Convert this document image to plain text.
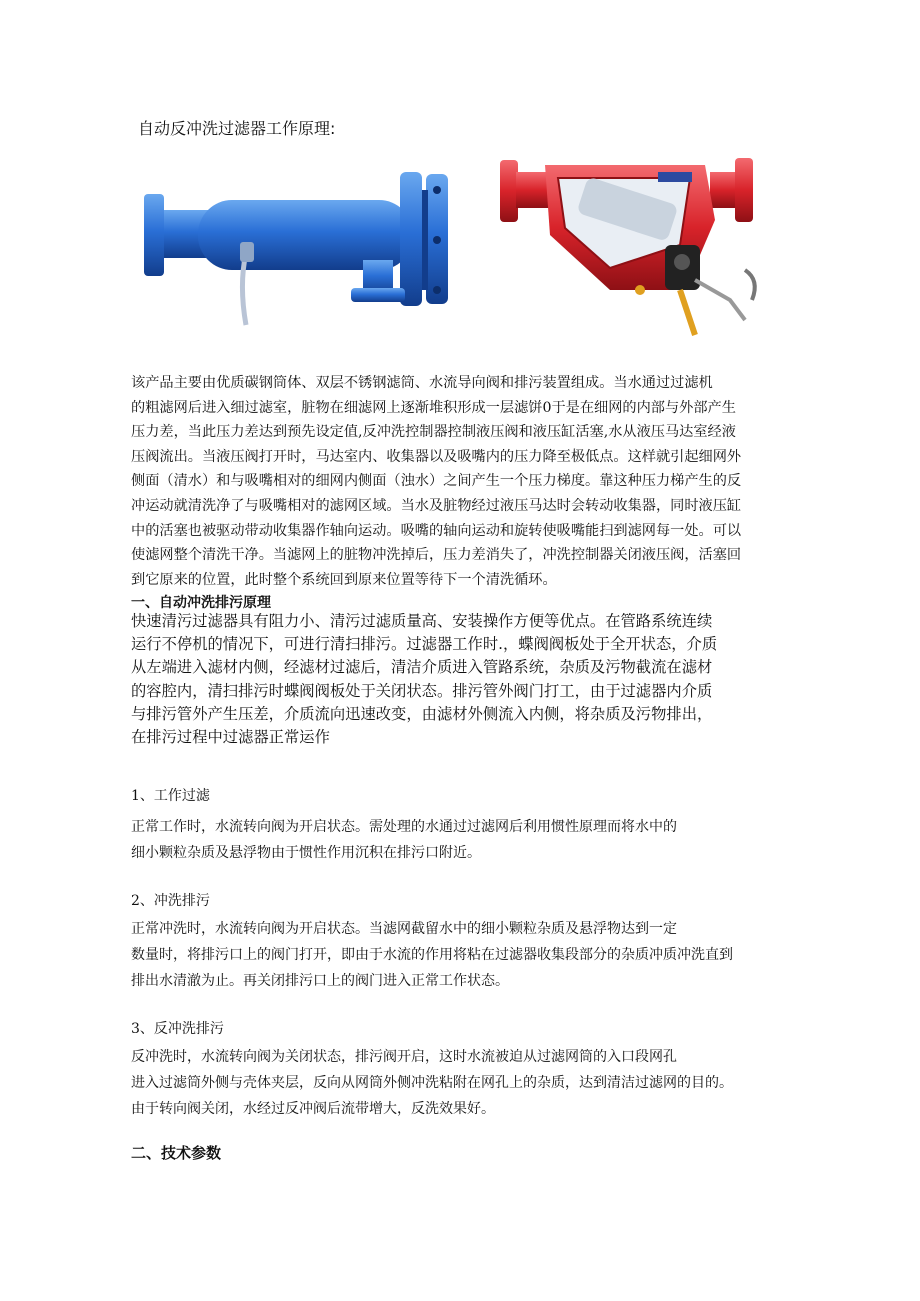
自动反冲洗过滤器工作原理:

该产品主要由优质碳钢筒体、双层不锈钢滤筒、水流导向阀和排污装置组成。当水通过过滤机

的粗滤网后进入细过滤室，脏物在细滤网上逐渐堆积形成一层滤饼0于是在细网的内部与外部产生

压力差，当此压力差达到预先设定值,反冲洗控制器控制液压阀和液压缸活塞,水从液压马达室经液

压阀流出。当液压阀打开时，马达室内、收集器以及吸嘴内的压力降至极低点。这样就引起细网外

侧面（清水）和与吸嘴相对的细网内侧面（浊水）之间产生一个压力梯度。靠这种压力梯产生的反

冲运动就清洗净了与吸嘴相对的滤网区域。当水及脏物经过液压马达时会转动收集器，同时液压缸

中的活塞也被驱动带动收集器作轴向运动。吸嘴的轴向运动和旋转使吸嘴能扫到滤网每一处。可以

使滤网整个清洗干净。当滤网上的脏物冲洗掉后，压力差消失了，冲洗控制器关闭液压阀，活塞回

到它原来的位置，此时整个系统回到原来位置等待下一个清洗循环。

一、自动冲洗排污原理

快速清污过滤器具有阻力小、清污过滤质量高、安装操作方便等优点。在管路系统连续

运行不停机的情况下，可进行清扫排污。过滤器工作时.，蝶阀阀板处于全开状态，介质

从左端进入滤材内侧，经滤材过滤后，清洁介质进入管路系统，杂质及污物截流在滤材

的容腔内，清扫排污时蝶阀阀板处于关闭状态。排污管外阀门打工，由于过滤器内介质

与排污管外产生压差，介质流向迅速改变，由滤材外侧流入内侧，将杂质及污物排出，

在排污过程中过滤器正常运作

1、工作过滤

正常工作时，水流转向阀为开启状态。需处理的水通过过滤网后利用惯性原理而将水中的

细小颗粒杂质及悬浮物由于惯性作用沉积在排污口附近。

2、冲洗排污

正常冲洗时，水流转向阀为开启状态。当滤网截留水中的细小颗粒杂质及悬浮物达到一定

数量时，将排污口上的阀门打开，即由于水流的作用将粘在过滤器收集段部分的杂质冲质冲洗直到

排出水清澈为止。再关闭排污口上的阀门进入正常工作状态。

3、反冲洗排污

反冲洗时，水流转向阀为关闭状态，排污阀开启，这时水流被迫从过滤网筒的入口段网孔

进入过滤筒外侧与壳体夹层，反向从网筒外侧冲洗粘附在网孔上的杂质，达到清洁过滤网的目的。

由于转向阀关闭，水经过反冲阀后流带增大，反洗效果好。

二、技术参数
